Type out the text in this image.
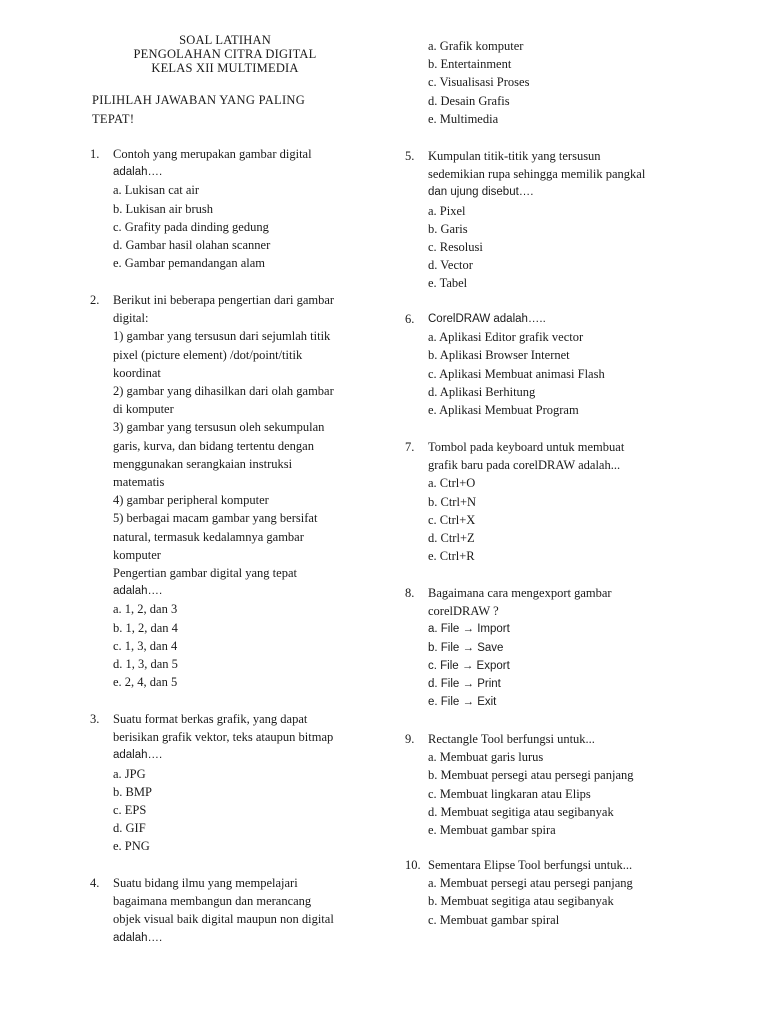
SOAL LATIHAN
PENGOLAHAN CITRA DIGITAL
KELAS XII MULTIMEDIA
PILIHLAH JAWABAN YANG PALING
TEPAT!
1. Contoh yang merupakan gambar digital
adalah….
a. Lukisan cat air
b. Lukisan air brush
c. Grafity pada dinding gedung
d. Gambar hasil olahan scanner
e. Gambar pemandangan alam
2. Berikut ini beberapa pengertian dari gambar
digital:
1) gambar yang tersusun dari sejumlah titik
pixel (picture element) /dot/point/titik
koordinat
2) gambar yang dihasilkan dari olah gambar
di komputer
3) gambar yang tersusun oleh sekumpulan
garis, kurva, dan bidang tertentu dengan
menggunakan serangkaian instruksi
matematis
4) gambar peripheral komputer
5) berbagai macam gambar yang bersifat
natural, termasuk kedalamnya gambar
komputer
Pengertian gambar digital yang tepat
adalah….
a. 1, 2, dan 3
b. 1, 2, dan 4
c. 1, 3, dan 4
d. 1, 3, dan 5
e. 2, 4, dan 5
3. Suatu format berkas grafik, yang dapat
berisikan grafik vektor, teks ataupun bitmap
adalah….
a. JPG
b. BMP
c. EPS
d. GIF
e. PNG
4. Suatu bidang ilmu yang mempelajari
bagaimana membangun dan merancang
objek visual baik digital maupun non digital
adalah….
a. Grafik komputer
b. Entertainment
c. Visualisasi Proses
d. Desain Grafis
e. Multimedia
5. Kumpulan titik-titik yang tersusun
sedemikian rupa sehingga memilik pangkal
dan ujung disebut….
a. Pixel
b. Garis
c. Resolusi
d. Vector
e. Tabel
6. CorelDRAW adalah…..
a. Aplikasi Editor grafik vector
b. Aplikasi Browser Internet
c. Aplikasi Membuat animasi Flash
d. Aplikasi Berhitung
e. Aplikasi Membuat Program
7. Tombol pada keyboard untuk membuat
grafik baru pada corelDRAW adalah...
a. Ctrl+O
b. Ctrl+N
c. Ctrl+X
d. Ctrl+Z
e. Ctrl+R
8. Bagaimana cara mengexport gambar
corelDRAW ?
a. File → Import
b. File → Save
c. File → Export
d. File → Print
e. File → Exit
9. Rectangle Tool berfungsi untuk...
a. Membuat garis lurus
b. Membuat persegi atau persegi panjang
c. Membuat lingkaran atau Elips
d. Membuat segitiga atau segibanyak
e. Membuat gambar spira
10. Sementara Elipse Tool berfungsi untuk...
a. Membuat persegi atau persegi panjang
b. Membuat segitiga atau segibanyak
c. Membuat gambar spiral
